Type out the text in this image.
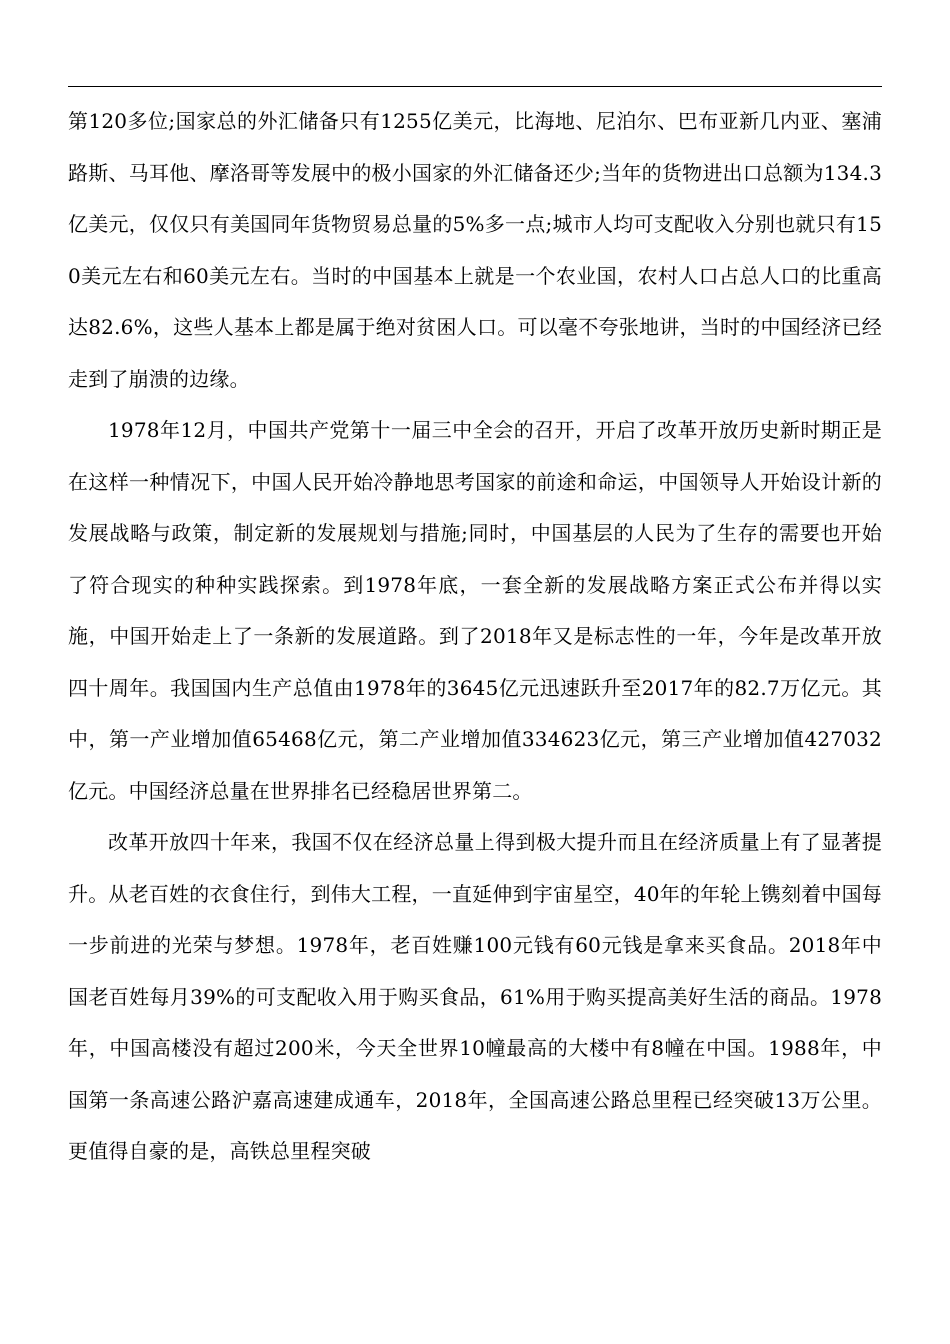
第120多位;国家总的外汇储备只有1255亿美元，比海地、尼泊尔、巴布亚新几内亚、塞浦路斯、马耳他、摩洛哥等发展中的极小国家的外汇储备还少;当年的货物进出口总额为134.3亿美元，仅仅只有美国同年货物贸易总量的5%多一点;城市人均可支配收入分别也就只有150美元左右和60美元左右。当时的中国基本上就是一个农业国，农村人口占总人口的比重高达82.6%，这些人基本上都是属于绝对贫困人口。可以毫不夸张地讲，当时的中国经济已经走到了崩溃的边缘。

1978年12月，中国共产党第十一届三中全会的召开，开启了改革开放历史新时期正是在这样一种情况下，中国人民开始冷静地思考国家的前途和命运，中国领导人开始设计新的发展战略与政策，制定新的发展规划与措施;同时，中国基层的人民为了生存的需要也开始了符合现实的种种实践探索。到1978年底，一套全新的发展战略方案正式公布并得以实施，中国开始走上了一条新的发展道路。到了2018年又是标志性的一年，今年是改革开放四十周年。我国国内生产总值由1978年的3645亿元迅速跃升至2017年的82.7万亿元。其中，第一产业增加值65468亿元，第二产业增加值334623亿元，第三产业增加值427032亿元。中国经济总量在世界排名已经稳居世界第二。

改革开放四十年来，我国不仅在经济总量上得到极大提升而且在经济质量上有了显著提升。从老百姓的衣食住行，到伟大工程，一直延伸到宇宙星空，40年的年轮上镌刻着中国每一步前进的光荣与梦想。1978年，老百姓赚100元钱有60元钱是拿来买食品。2018年中国老百姓每月39%的可支配收入用于购买食品，61%用于购买提高美好生活的商品。1978年，中国高楼没有超过200米，今天全世界10幢最高的大楼中有8幢在中国。1988年，中国第一条高速公路沪嘉高速建成通车，2018年，全国高速公路总里程已经突破13万公里。更值得自豪的是，高铁总里程突破
